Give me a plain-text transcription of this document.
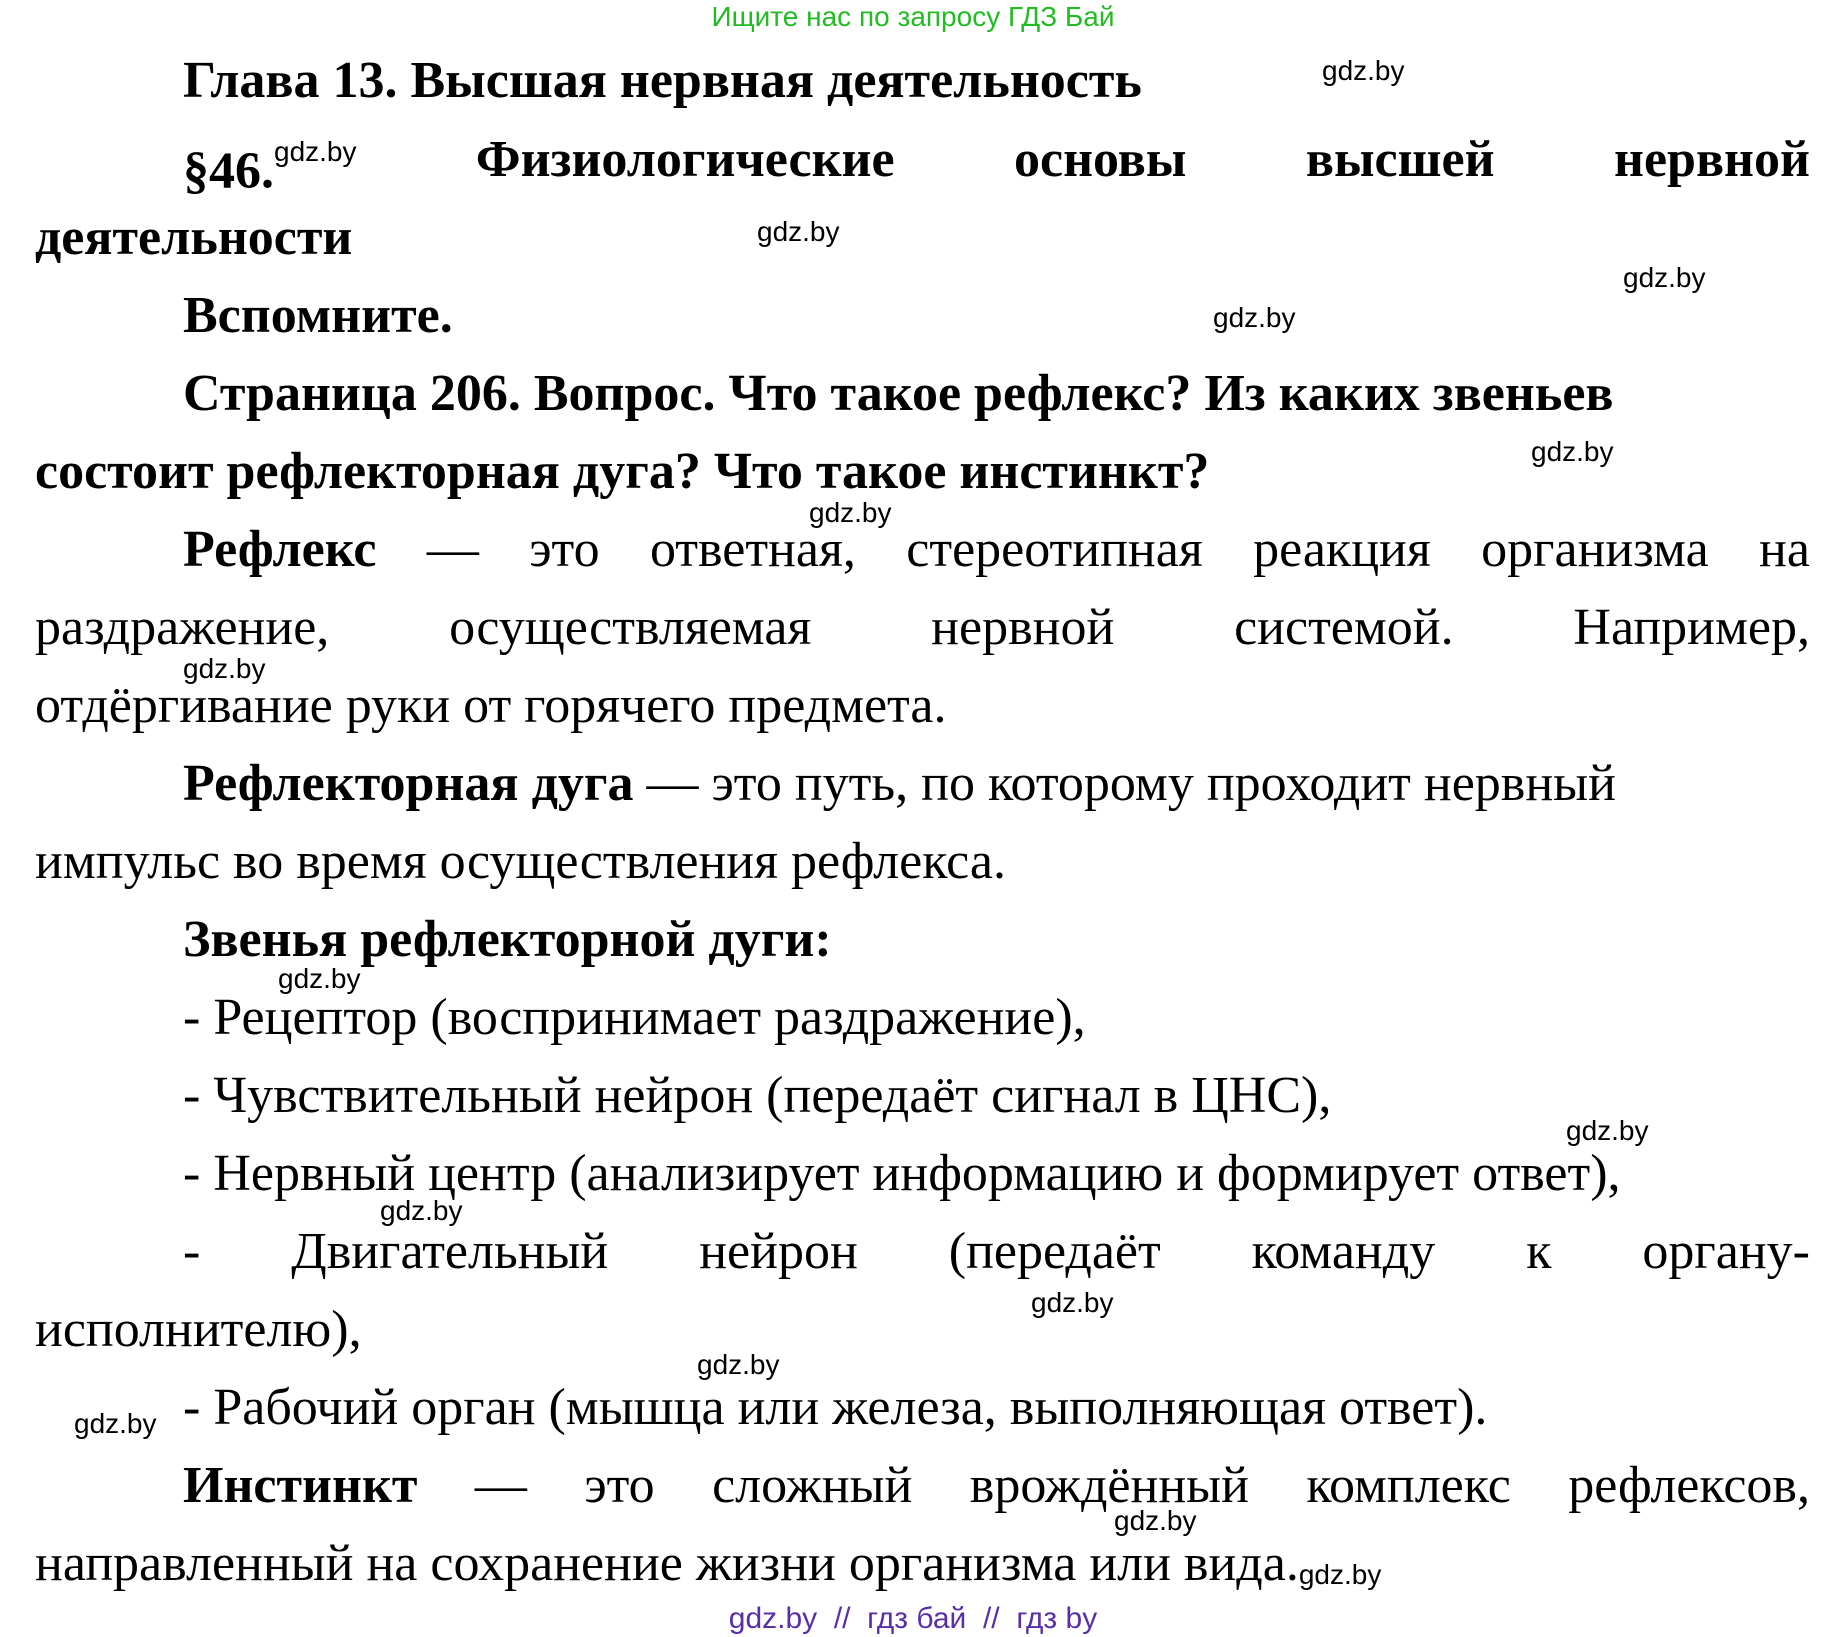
Ищите нас по запросу ГДЗ Бай
Глава 13. Высшая нервная деятельность
§46.$^{gdz.by}$ Физиологические основы высшей нервной
деятельности
Вспомните.
Страница 206. Вопрос. Что такое рефлекс? Из каких звеньев
состоит рефлекторная дуга? Что такое инстинкт?
Рефлекс — это ответная, стереотипная реакция организма на
раздражение, осуществляемая нервной системой. Например,
отдёргивание руки от горячего предмета.
Рефлекторная дуга — это путь, по которому проходит нервный
импульс во время осуществления рефлекса.
Звенья рефлекторной дуги:
- Рецептор (воспринимает раздражение),
- Чувствительный нейрон (передаёт сигнал в ЦНС),
- Нервный центр (анализирует информацию и формирует ответ),
- Двигательный нейрон (передаёт команду к органу-
исполнителю),
- Рабочий орган (мышца или железа, выполняющая ответ).
Инстинкт — это сложный врождённый комплекс рефлексов,
направленный на сохранение жизни организма или вида.gdz.by
gdz.by
gdz.by
gdz.by
gdz.by
gdz.by
gdz.by
gdz.by
gdz.by
gdz.by
gdz.by
gdz.by
gdz.by
gdz.by
gdz.by
gdz.by  //  гдз бай  //  гдз by
